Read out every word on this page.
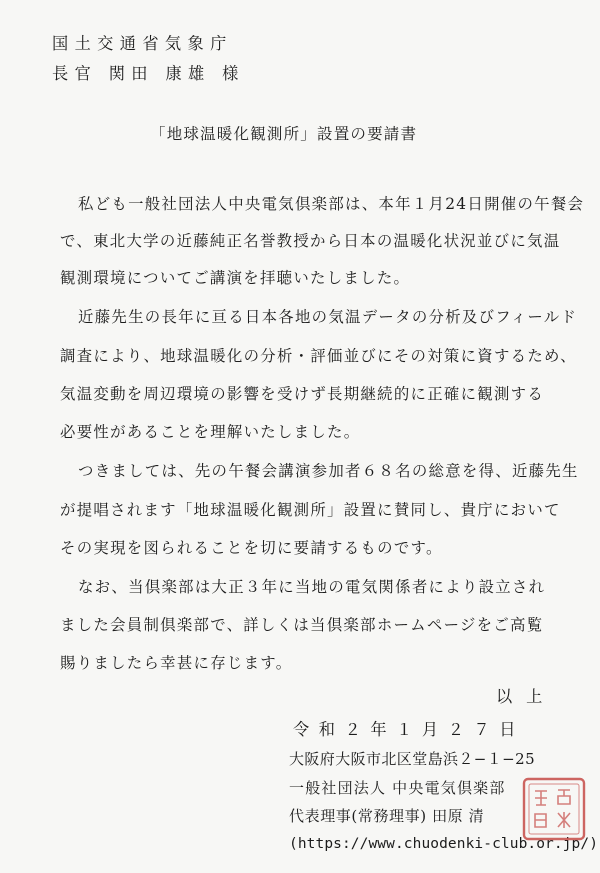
国土交通省気象庁
長官 関田 康雄 様
「地球温暖化観測所」設置の要請書
私ども一般社団法人中央電気倶楽部は、本年１月24日開催の午餐会
で、東北大学の近藤純正名誉教授から日本の温暖化状況並びに気温
観測環境についてご講演を拝聴いたしました。
近藤先生の長年に亘る日本各地の気温データの分析及びフィールド
調査により、地球温暖化の分析・評価並びにその対策に資するため、
気温変動を周辺環境の影響を受けず長期継続的に正確に観測する
必要性があることを理解いたしました。
つきましては、先の午餐会講演参加者６８名の総意を得、近藤先生
が提唱されます「地球温暖化観測所」設置に賛同し、貴庁において
その実現を図られることを切に要請するものです。
なお、当倶楽部は大正３年に当地の電気関係者により設立され
ました会員制倶楽部で、詳しくは当倶楽部ホームページをご高覧
賜りましたら幸甚に存じます。
以上
令和２年１月２７日
大阪府大阪市北区堂島浜２−１−25
一般社団法人 中央電気倶楽部
代表理事(常務理事) 田原 清
(https://www.chuodenki-club.or.jp/)
